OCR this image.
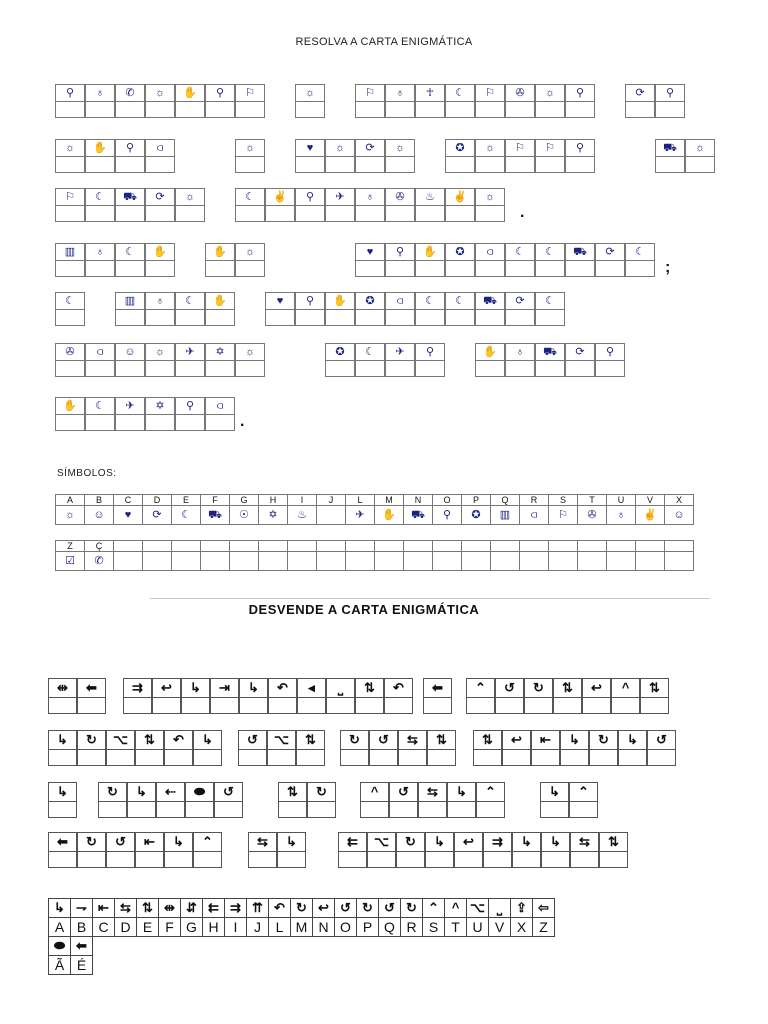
RESOLVA A CARTA ENIGMÁTICA
⚲	♁	✆	☼	✋	⚲	⚐	☼	⚐	♁	☥	☾	⚐	✇	☼	⚲	⟳	⚲
☼	✋	⚲	⫏	☼	♥	☼	⟳	☼	✪	☼	⚐	⚐	⚲	⛟	☼
⚐	☾	⛟	⟳	☼	☾	✌	⚲	✈	♁	✇	♨	✌	☼
.
▥	♁	☾	✋	✋	☼	♥	⚲	✋	✪	⫏	☾	☾	⛟	⟳	☾
;
☾	▥	♁	☾	✋	♥	⚲	✋	✪	⫏	☾	☾	⛟	⟳	☾
✇	⫏	☺	☼	✈	✡	☼	✪	☾	✈	⚲	✋	♁	⛟	⟳	⚲
✋	☾	✈	✡	⚲	⫏
.
SÍMBOLOS:
A	B	C	D	E	F	G	H	I	J	L	M	N	O	P	Q	R	S	T	U	V	X
☼	☺	♥	⟳	☾	⛟	☉	✡	♨		✈	✋	⛟	⚲	✪	▥	⫏	⚐	✇	♁	✌	☺
Z	Ç																				
☑	✆																				
DESVENDE A CARTA ENIGMÁTICA
⇹	⬅	⇉	↩	↳	⇥	↳	↶	◂	⎵	⇅	↶	⬅	⌃	↺	↻	⇅	↩	^	⇅
↳	↻	⌥	⇅	↶	↳	↺	⌥	⇅	↻	↺	⇆	⇅	⇅	↩	⇤	↳	↻	↳	↺
↳	↻	↳	⇠	⬬	↺	⇅	↻	^	↺	⇆	↳	⌃	↳	⌃
⬅	↻	↺	⇤	↳	⌃	⇆	↳	⇇	⌥	↻	↳	↩	⇉	↳	↳	⇆	⇅
↳	⇁	⇤	⇆	⇅	⇹	⇵	⇇	⇉	⇈	↶	↻	↩	↺	↻	↺	↻	⌃	^	⌥	⎵	⇪	⇦
A	B	C	D	E	F	G	H	I	J	L	M	N	O	P	Q	R	S	T	U	V	X	Z
⬬	⬅																					
Ã	É																					
